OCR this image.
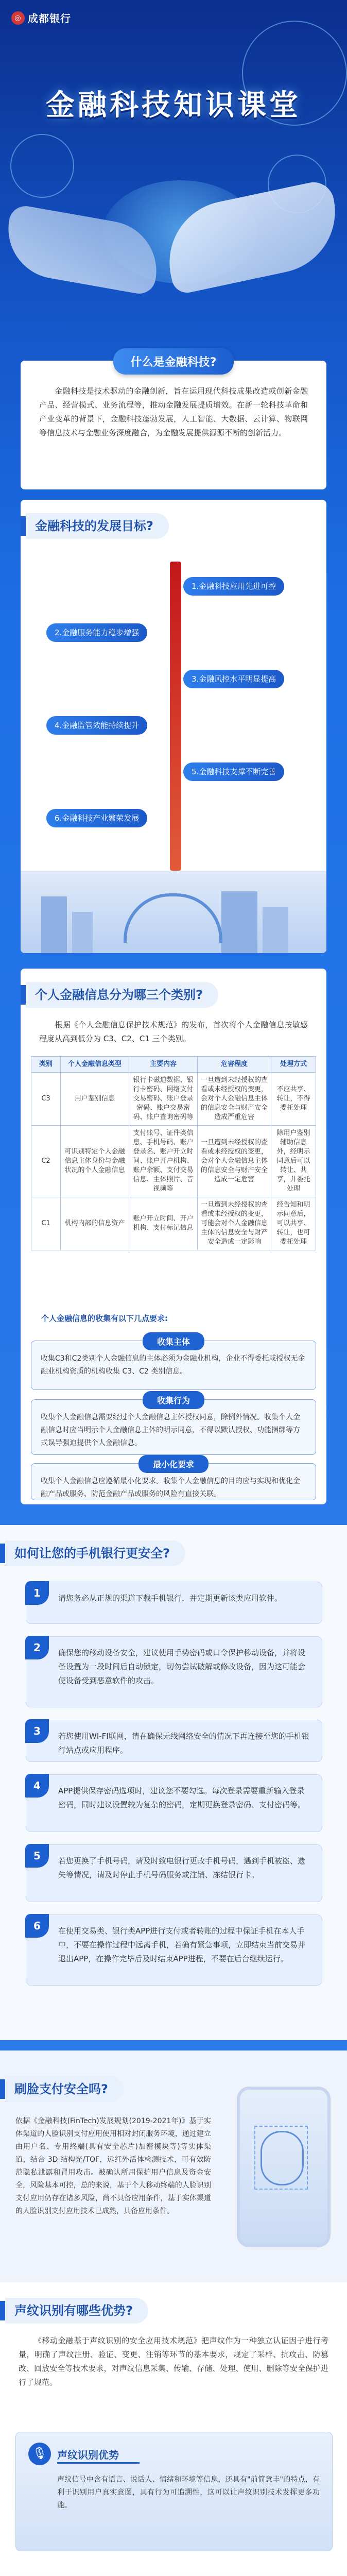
◎ 成都银行
金融科技知识课堂
什么是金融科技?
金融科技是技术驱动的金融创新，旨在运用现代科技成果改造或创新金融产品、经营模式、业务流程等，推动金融发展提质增效。在新一轮科技革命和产业变革的背景下，金融科技蓬勃发展，人工智能、大数据、云计算、物联网等信息技术与金融业务深度融合，为金融发展提供源源不断的创新活力。
金融科技的发展目标?
1.金融科技应用先进可控
2.金融服务能力稳步增强
3.金融风控水平明显提高
4.金融监管效能持续提升
5.金融科技支撑不断完善
6.金融科技产业繁荣发展
个人金融信息分为哪三个类别?
根据《个人金融信息保护技术规范》的发布，首次将个人金融信息按敏感程度从高到低分为 C3、C2、C1 三个类别。
类别	个人金融信息类型	主要内容	危害程度	处理方式
C3	用户鉴别信息	银行卡磁道数据、银行卡密码、网络支付交易密码、账户登录密码、账户交易密码、账户查询密码等	一旦遭到未经授权的查看或未经授权的变更，会对个人金融信息主体的信息安全与财产安全造成严重危害	不应共享、转让，不得委托处理
C2	可识别特定个人金融信息主体身份与金融状况的个人金融信息	支付账号、证件类信息、手机号码、账户登录名、账户开立时间、账户开户机构、账户余额、支付交易信息、主体照片、音视频等	一旦遭到未经授权的查看或未经授权的变更，会对个人金融信息主体的信息安全与财产安全造成一定危害	除用户鉴别辅助信息外，经明示同意后可以转让、共享，并委托处理
C1	机构内部的信息资产	账户开立时间、开户机构、支付标记信息	一旦遭到未经授权的查看或未经授权的变更，可能会对个人金融信息主体的信息安全与财产安全造成一定影响	经告知和明示同意后，可以共享、转让，也可委托处理
个人金融信息的收集有以下几点要求:
收集C3和C2类别个人金融信息的主体必须为金融业机构，企业不得委托或授权无金融业机构资质的机构收集 C3、C2 类别信息。
收集主体
收集个人金融信息需要经过个人金融信息主体授权同意，除例外情况。收集个人金融信息时应当明示个人金融信息主体的明示同意，不得以默认授权、功能捆绑等方式误导强迫提供个人金融信息。
收集行为
收集个人金融信息应遵循最小化要求。收集个人金融信息的目的应与实现和优化金融产品或服务、防范金融产品或服务的风险有直接关联。
最小化要求
如何让您的手机银行更安全?
1	请您务必从正规的渠道下载手机银行，并定期更新该类应用软件。
2	确保您的移动设备安全，建议使用手势密码或口令保护移动设备，并将设备设置为一段时间后自动锁定，切勿尝试破解或修改设备，因为这可能会使设备受到恶意软件的攻击。
3	若您使用WI-FI联网，请在确保无线网络安全的情况下再连接至您的手机银行站点或应用程序。
4	APP提供保存密码选项时，建议您不要勾选。每次登录需要重新输入登录密码，同时建议设置较为复杂的密码，定期更换登录密码、支付密码等。
5	若您更换了手机号码，请及时致电银行更改手机号码，遇到手机被盗、遗失等情况，请及时停止手机号码服务或注销、冻结银行卡。
6	在使用交易类、银行类APP进行支付或者转账的过程中保证手机在本人手中，不要在操作过程中远离手机，若确有紧急事项，立即结束当前交易并退出APP，在操作完毕后及时结束APP进程，不要在后台继续运行。
刷脸支付安全吗?
依据《金融科技(FinTech)发展规划(2019-2021年)》基于实体渠道的人脸识别支付应用使用相对封闭服务环境，通过建立由用户名、专用终端(具有安全芯片)加密模块等)等实体渠道，结合 3D 结构光/TOF，远红外活体检测技术，可有效防范隐私泄露和冒用攻击。被确认所用保护用户信息及资金安全，风险基本可控，总的来说，基于个人移动终端的人脸识别支付应用仍存在诸多风险，尚不具备应用条件，基于实体渠道的人脸识别支付应用技术已成熟，具备应用条件。
声纹识别有哪些优势?
《移动金融基于声纹识别的安全应用技术规范》把声纹作为一种独立认证因子进行考量，明确了声纹注册、验证、变更、注销等环节的基本要求，规定了采样、抗攻击、防篡改、回放安全等技术要求，对声纹信息采集、传输、存储、处理、使用、删除等安全保护进行了规范。
🎙	声纹识别优势
声纹信号中含有语言、说话人、情绪和环境等信息，还具有"前简意丰"的特点，有利于识别用户真实意图，具有行为可追溯性，这可以让声纹识别技术发挥更多功能。
